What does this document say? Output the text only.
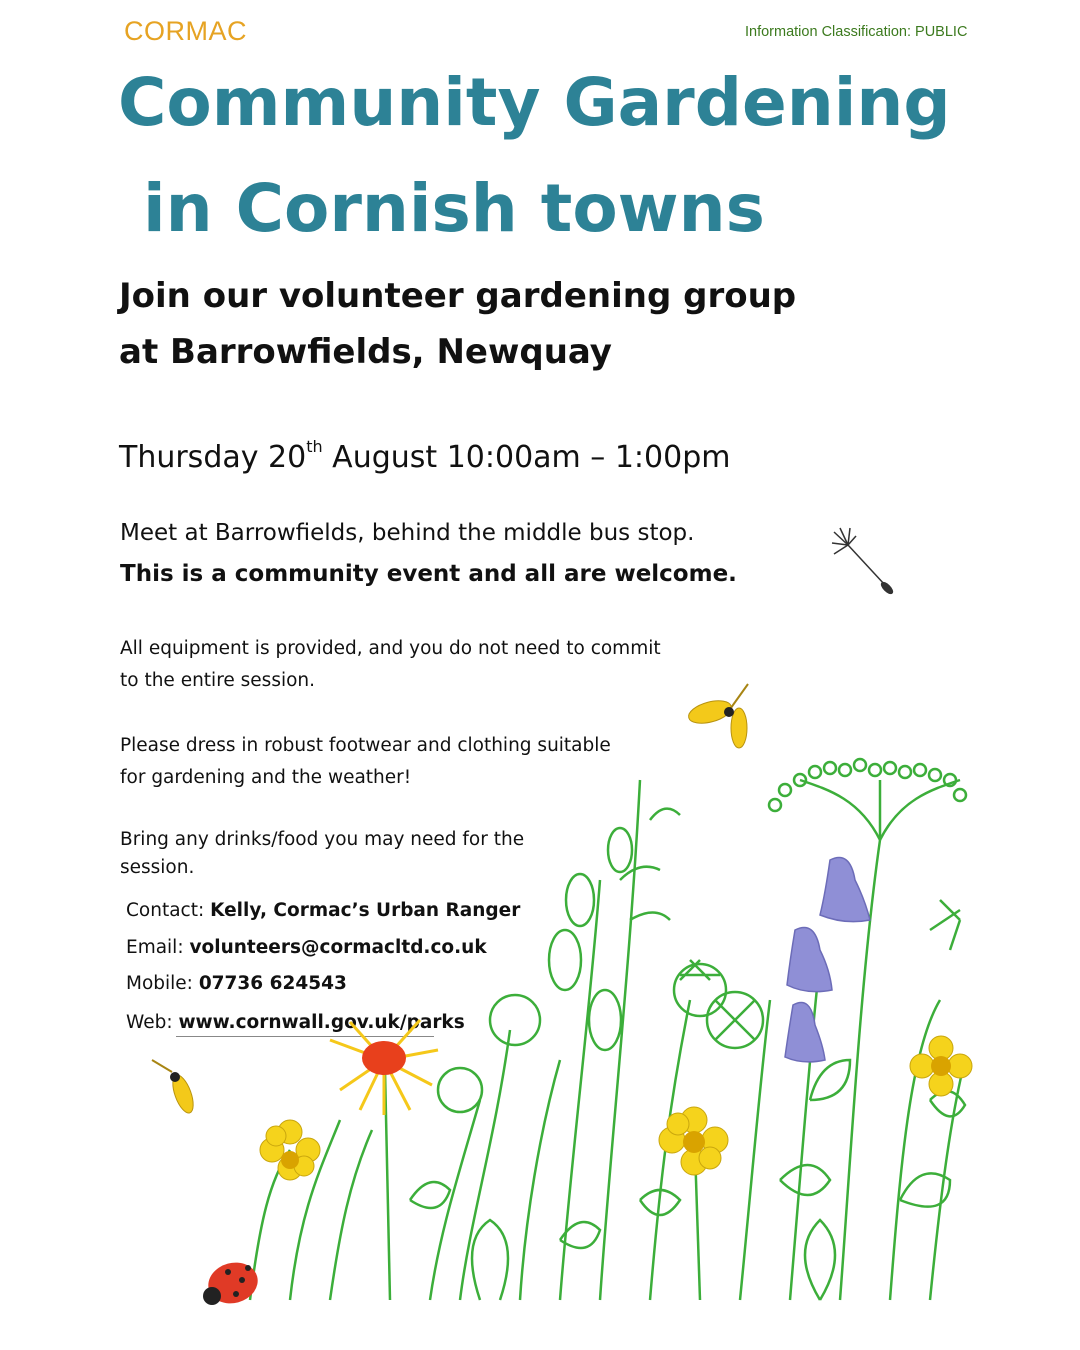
CORMAC	Information Classification: PUBLIC
Community Gardening
in Cornish towns
Join our volunteer gardening group
at Barrowfields, Newquay
Thursday 20th August 10:00am – 1:00pm
Meet at Barrowfields, behind the middle bus stop.
This is a community event and all are welcome.
All equipment is provided, and you do not need to commit
to the entire session.
Please dress in robust footwear and clothing suitable
for gardening and the weather!
Bring any drinks/food you may need for the
session.
Contact: Kelly, Cormac’s Urban Ranger
Email: volunteers@cormacltd.co.uk
Mobile: 07736 624543
Web: www.cornwall.gov.uk/parks
